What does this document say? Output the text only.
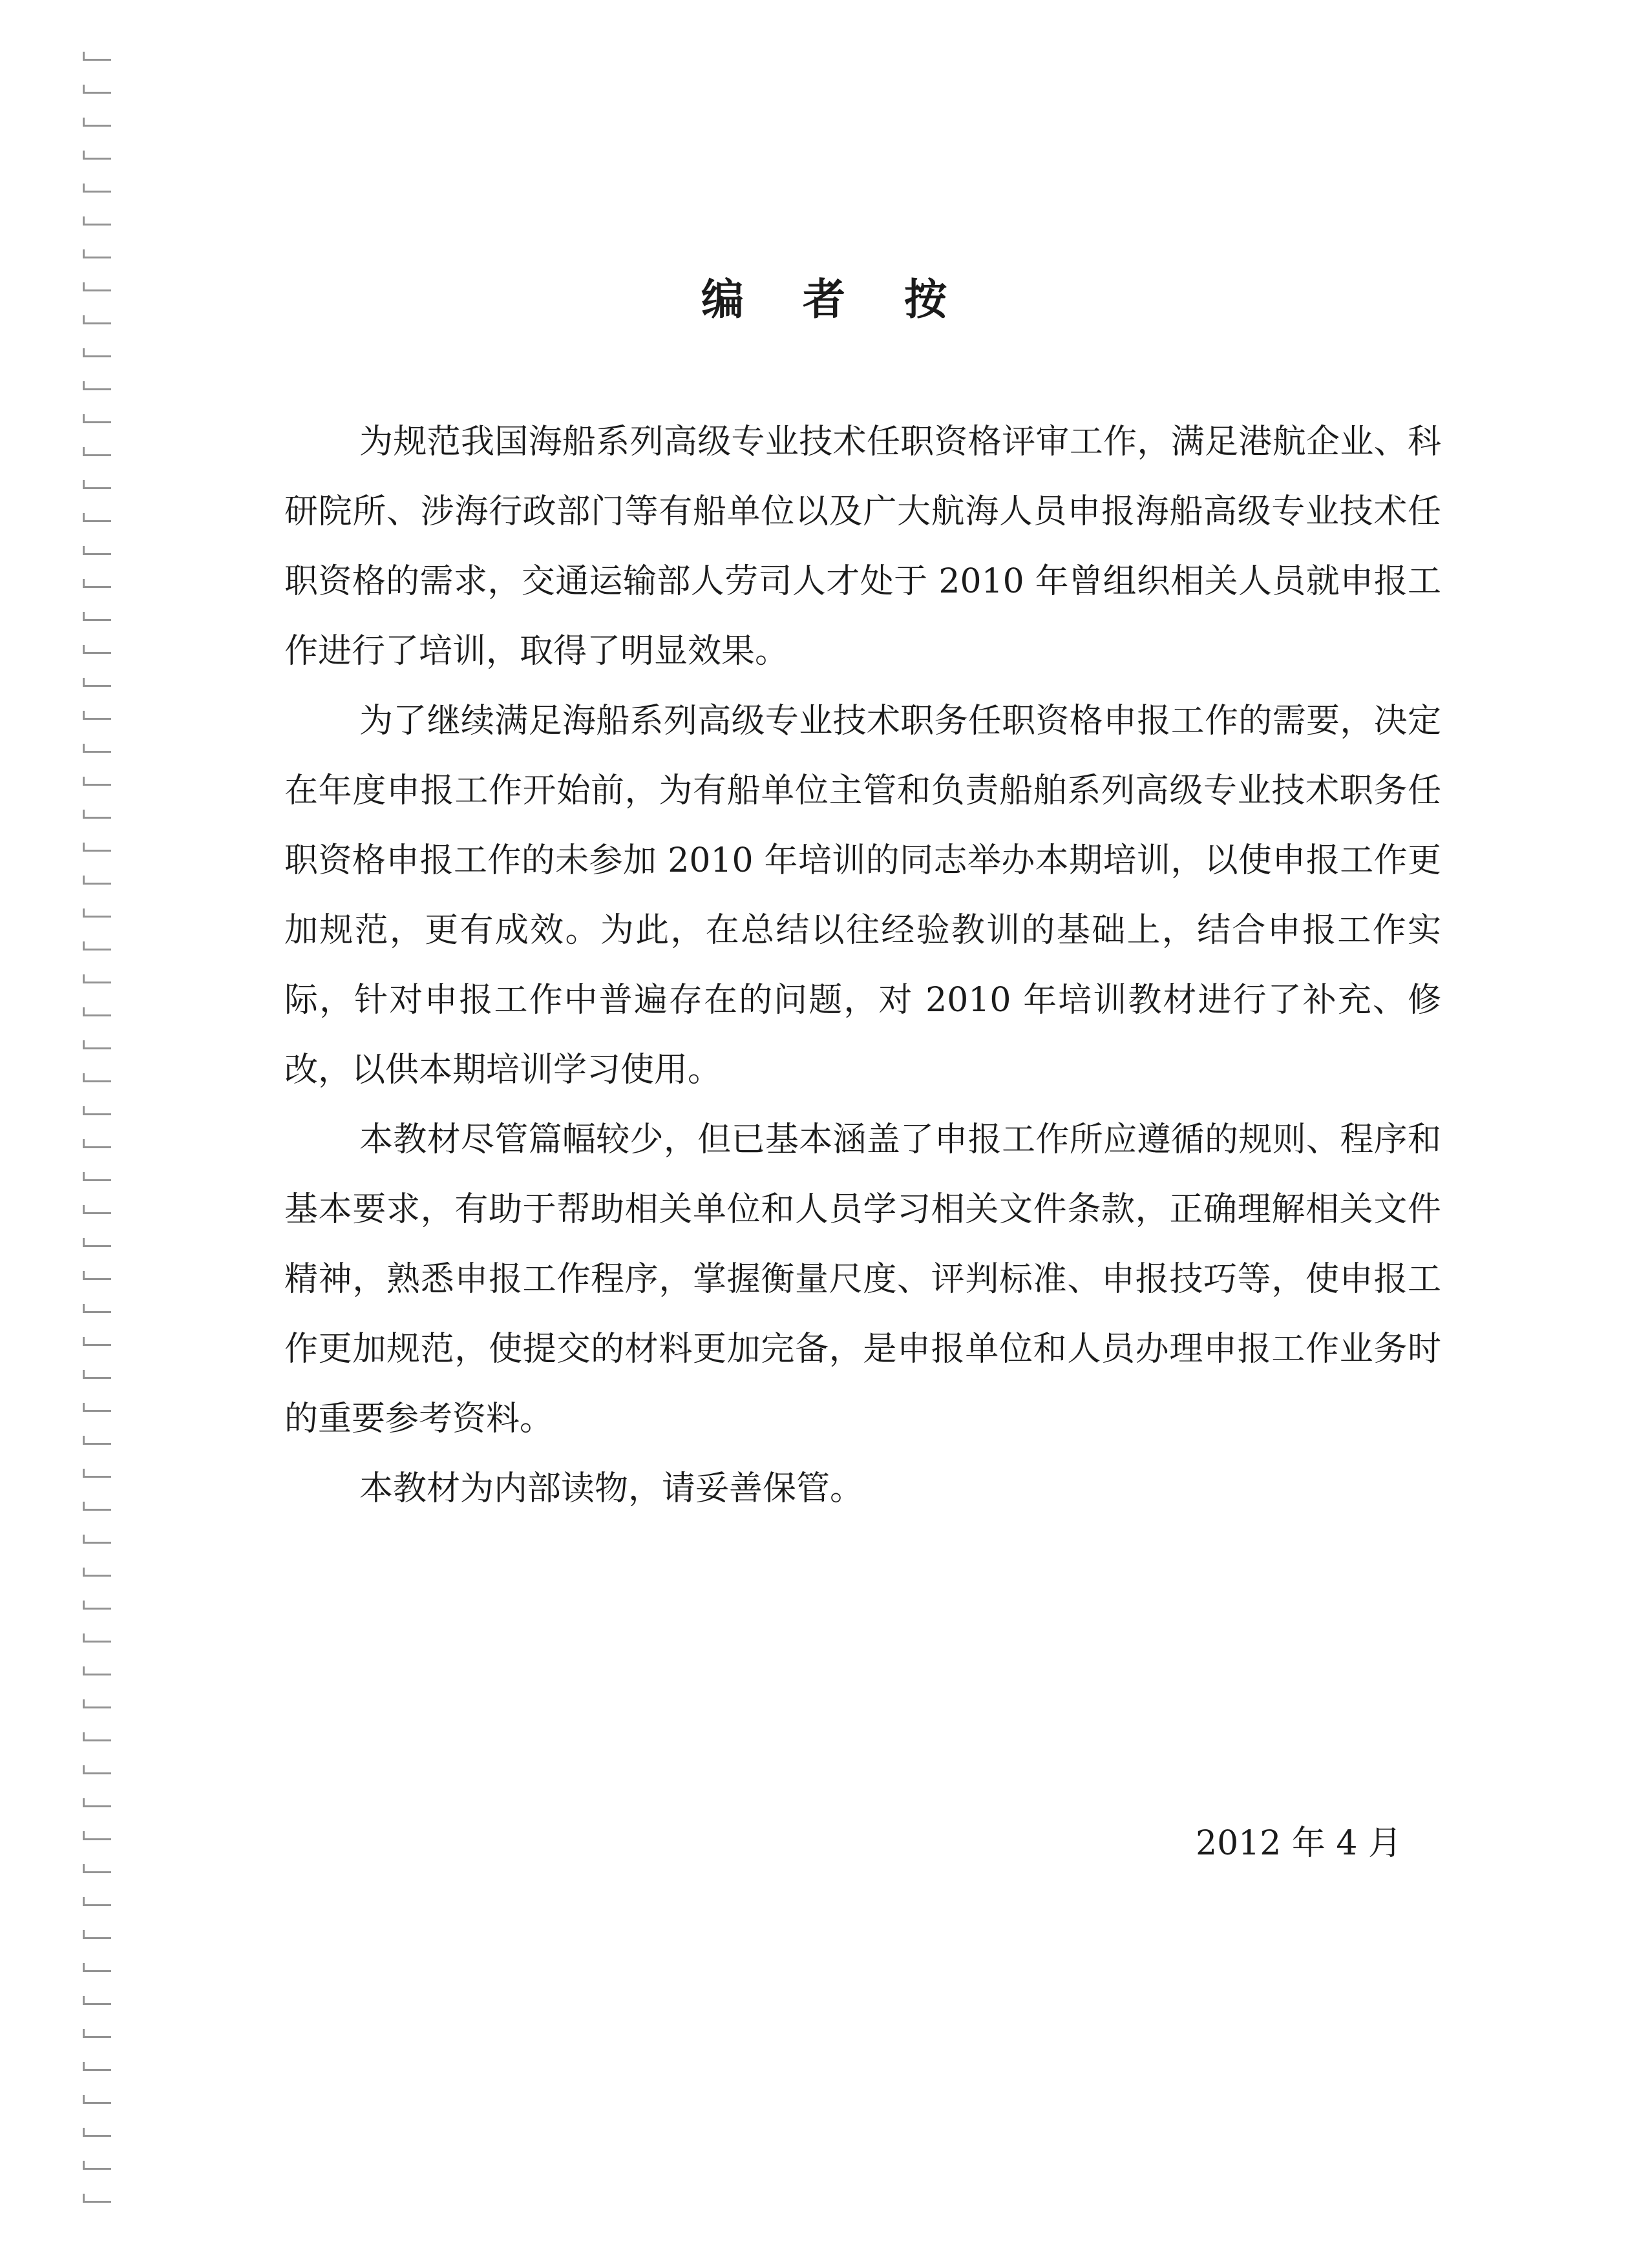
编 者 按

为规范我国海船系列高级专业技术任职资格评审工作，满足港航企业、科研院所、涉海行政部门等有船单位以及广大航海人员申报海船高级专业技术任职资格的需求，交通运输部人劳司人才处于 2010 年曾组织相关人员就申报工作进行了培训，取得了明显效果。

为了继续满足海船系列高级专业技术职务任职资格申报工作的需要，决定在年度申报工作开始前，为有船单位主管和负责船舶系列高级专业技术职务任职资格申报工作的未参加 2010 年培训的同志举办本期培训，以使申报工作更加规范，更有成效。为此，在总结以往经验教训的基础上，结合申报工作实际，针对申报工作中普遍存在的问题，对 2010 年培训教材进行了补充、修改，以供本期培训学习使用。

本教材尽管篇幅较少，但已基本涵盖了申报工作所应遵循的规则、程序和基本要求，有助于帮助相关单位和人员学习相关文件条款，正确理解相关文件精神，熟悉申报工作程序，掌握衡量尺度、评判标准、申报技巧等，使申报工作更加规范，使提交的材料更加完备，是申报单位和人员办理申报工作业务时的重要参考资料。

本教材为内部读物，请妥善保管。

2012 年 4 月
